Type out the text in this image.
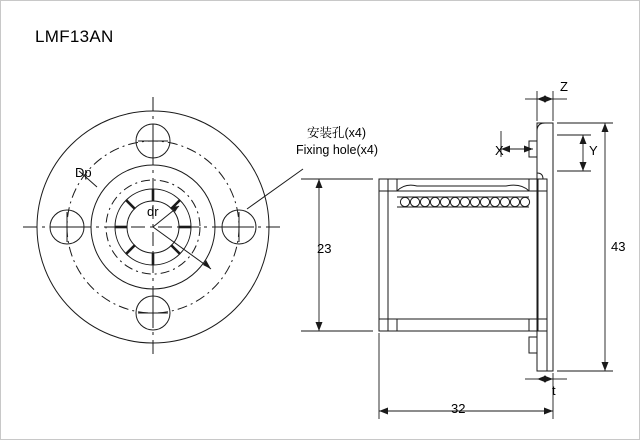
LMF13AN
安装孔(x4)
Fixing hole(x4)
Dp
dr
23	43
32
Z
X	Y
t
